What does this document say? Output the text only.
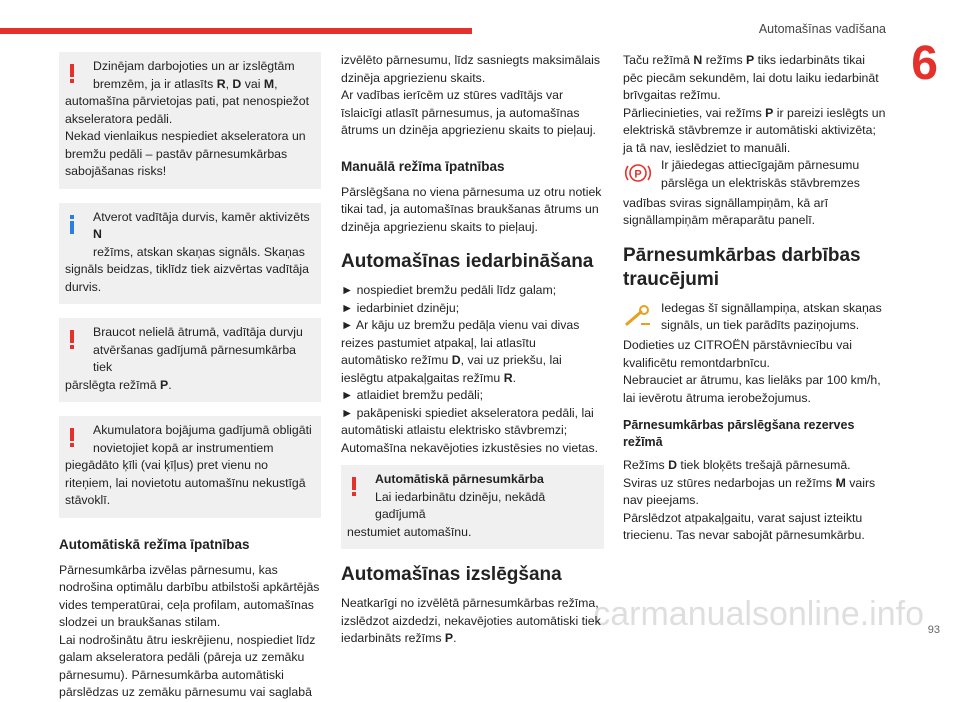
Automašīnas vadīšana
6

Dzinējam darbojoties un ar izslēgtām
bremzēm, ja ir atlasīts R, D vai M,

automašīna pārvietojas pati, pat nenospiežot akseleratora pedāli.

Nekad vienlaikus nespiediet akseleratora un bremžu pedāli – pastāv pārnesumkārbas sabojāšanas risks!

Atverot vadītāja durvis, kamēr aktivizēts N
režīms, atskan skaņas signāls. Skaņas

signāls beidzas, tiklīdz tiek aizvērtas vadītāja durvis.

Braucot nelielā ātrumā, vadītāja durvju
atvēršanas gadījumā pārnesumkārba tiek

pārslēgta režīmā P.

Akumulatora bojājuma gadījumā obligāti
novietojiet kopā ar instrumentiem

piegādāto ķīli (vai ķīļus) pret vienu no riteņiem, lai novietotu automašīnu nekustīgā stāvoklī.

Automātiskā režīma īpatnības

Pārnesumkārba izvēlas pārnesumu, kas nodrošina optimālu darbību atbilstoši apkārtējās vides temperatūrai, ceļa profilam, automašīnas slodzei un braukšanas stilam.

Lai nodrošinātu ātru ieskrējienu, nospiediet līdz galam akseleratora pedāli (pāreja uz zemāku pārnesumu). Pārnesumkārba automātiski pārslēdzas uz zemāku pārnesumu vai saglabā

izvēlēto pārnesumu, līdz sasniegts maksimālais dzinēja apgriezienu skaits.

Ar vadības ierīcēm uz stūres vadītājs var īslaicīgi atlasīt pārnesumus, ja automašīnas ātrums un dzinēja apgriezienu skaits to pieļauj.

Manuālā režīma īpatnības

Pārslēgšana no viena pārnesuma uz otru notiek tikai tad, ja automašīnas braukšanas ātrums un dzinēja apgriezienu skaits to pieļauj.

Automašīnas iedarbināšana

► nospiediet bremžu pedāli līdz galam;

► iedarbiniet dzinēju;

► Ar kāju uz bremžu pedāļa vienu vai divas reizes pastumiet atpakaļ, lai atlasītu automātisko režīmu D, vai uz priekšu, lai ieslēgtu atpakaļgaitas režīmu R.

► atlaidiet bremžu pedāli;

► pakāpeniski spiediet akseleratora pedāli, lai automātiski atlaistu elektrisko stāvbremzi;

Automašīna nekavējoties izkustēsies no vietas.

Automātiskā pārnesumkārba

Lai iedarbinātu dzinēju, nekādā gadījumā

nestumiet automašīnu.

Automašīnas izslēgšana

Neatkarīgi no izvēlētā pārnesumkārbas režīma, izslēdzot aizdedzi, nekavējoties automātiski tiek iedarbināts režīms P.

Taču režīmā N režīms P tiks iedarbināts tikai pēc piecām sekundēm, lai dotu laiku iedarbināt brīvgaitas režīmu.

Pārliecinieties, vai režīms P ir pareizi ieslēgts un elektriskā stāvbremze ir automātiski aktivizēta; ja tā nav, ieslēdziet to manuāli.

P

Ir jāiedegas attiecīgajām pārnesumu
pārslēga un elektriskās stāvbremzes

vadības sviras signāllampiņām, kā arī signāllampiņām mēraparātu panelī.

Pārnesumkārbas darbības traucējumi

Iedegas šī signāllampiņa, atskan skaņas
signāls, un tiek parādīts paziņojums.

Dodieties uz CITROËN pārstāvniecību vai kvalificētu remontdarbnīcu.

Nebrauciet ar ātrumu, kas lielāks par 100 km/h, lai ievērotu ātruma ierobežojumus.

Pārnesumkārbas pārslēgšana rezerves režīmā

Režīms D tiek bloķēts trešajā pārnesumā.

Sviras uz stūres nedarbojas un režīms M vairs nav pieejams.

Pārslēdzot atpakaļgaitu, varat sajust izteiktu triecienu. Tas nevar sabojāt pārnesumkārbu.

carmanualsonline.info 93
